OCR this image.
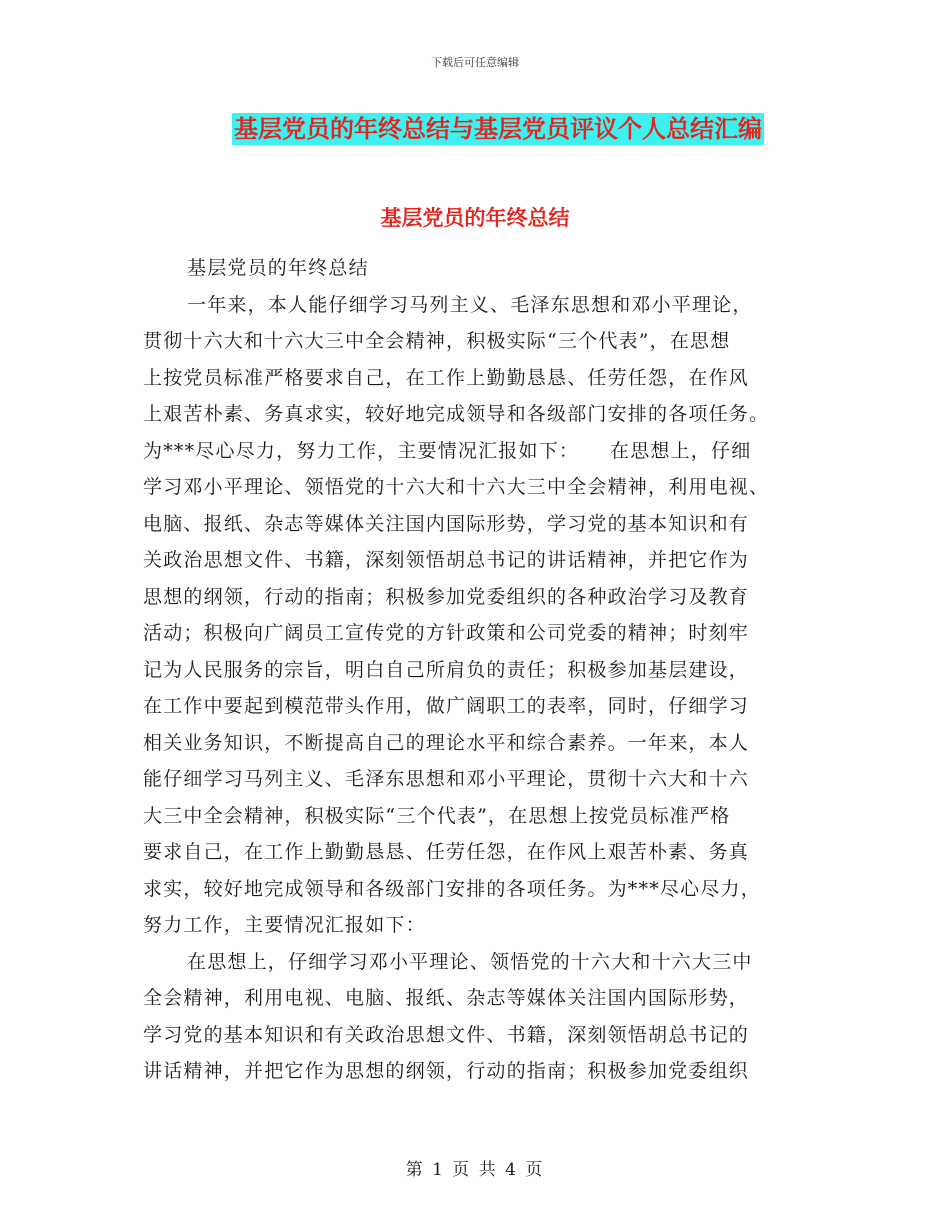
下载后可任意编辑
基层党员的年终总结与基层党员评议个人总结汇编
基层党员的年终总结
基层党员的年终总结
一年来，本人能仔细学习马列主义、毛泽东思想和邓小平理论，
贯彻十六大和十六大三中全会精神，积极实际“三个代表”，在思想
上按党员标准严格要求自己，在工作上勤勤恳恳、任劳任怨，在作风
上艰苦朴素、务真求实，较好地完成领导和各级部门安排的各项任务。
为***尽心尽力，努力工作，主要情况汇报如下：　　在思想上，仔细
学习邓小平理论、领悟党的十六大和十六大三中全会精神，利用电视、
电脑、报纸、杂志等媒体关注国内国际形势，学习党的基本知识和有
关政治思想文件、书籍，深刻领悟胡总书记的讲话精神，并把它作为
思想的纲领，行动的指南；积极参加党委组织的各种政治学习及教育
活动；积极向广阔员工宣传党的方针政策和公司党委的精神；时刻牢
记为人民服务的宗旨，明白自己所肩负的责任；积极参加基层建设，
在工作中要起到模范带头作用，做广阔职工的表率，同时，仔细学习
相关业务知识，不断提高自己的理论水平和综合素养。一年来，本人
能仔细学习马列主义、毛泽东思想和邓小平理论，贯彻十六大和十六
大三中全会精神，积极实际“三个代表”，在思想上按党员标准严格
要求自己，在工作上勤勤恳恳、任劳任怨，在作风上艰苦朴素、务真
求实，较好地完成领导和各级部门安排的各项任务。为***尽心尽力，
努力工作，主要情况汇报如下：
在思想上，仔细学习邓小平理论、领悟党的十六大和十六大三中
全会精神，利用电视、电脑、报纸、杂志等媒体关注国内国际形势，
学习党的基本知识和有关政治思想文件、书籍，深刻领悟胡总书记的
讲话精神，并把它作为思想的纲领，行动的指南；积极参加党委组织
第 1 页 共 4 页
